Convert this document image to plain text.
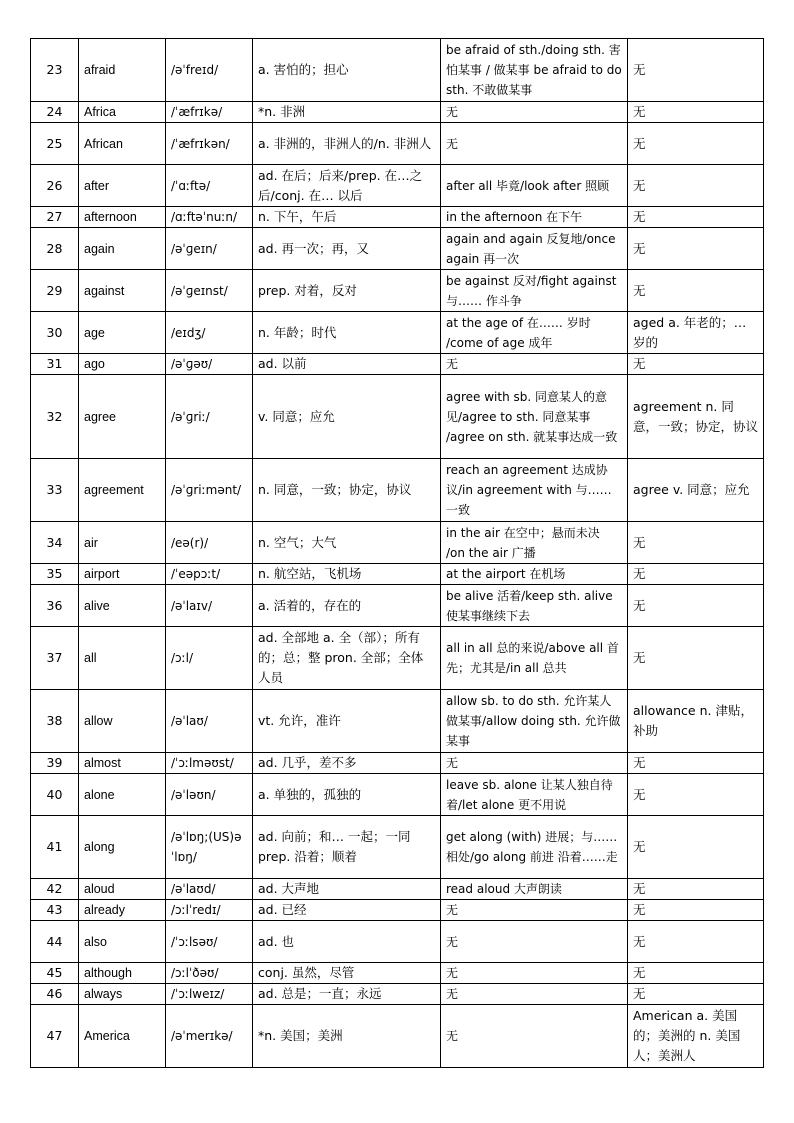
23	afraid	/əˈfreɪd/	a. 害怕的；担心	be afraid of sth./doing sth. 害怕某事 / 做某事 be afraid to do sth. 不敢做某事	无
24	Africa	/ˈæfrɪkə/	*n. 非洲	无	无
25	African	/ˈæfrɪkən/	a. 非洲的，非洲人的/n. 非洲人	无	无
26	after	/ˈɑːftə/	ad. 在后；后来/prep. 在…之后/conj. 在… 以后	after all 毕竟/look after 照顾	无
27	afternoon	/ɑːftəˈnuːn/	n. 下午，午后	in the afternoon 在下午	无
28	again	/əˈɡeɪn/	ad. 再一次；再，又	again and again 反复地/once again 再一次	无
29	against	/əˈɡeɪnst/	prep. 对着，反对	be against 反对/fight against 与…… 作斗争	无
30	age	/eɪdʒ/	n. 年龄；时代	at the age of 在…… 岁时 /come of age 成年	aged a. 年老的；…岁的
31	ago	/əˈɡəʊ/	ad. 以前	无	无
32	agree	/əˈɡriː/	v. 同意；应允	agree with sb. 同意某人的意见/agree to sth. 同意某事 /agree on sth. 就某事达成一致	agreement n. 同意，一致；协定，协议
33	agreement	/əˈɡriːmənt/	n. 同意，一致；协定，协议	reach an agreement 达成协议/in agreement with 与……一致	agree v. 同意；应允
34	air	/eə(r)/	n. 空气；大气	in the air 在空中；悬而未决 /on the air 广播	无
35	airport	/ˈeəpɔːt/	n. 航空站，飞机场	at the airport 在机场	无
36	alive	/əˈlaɪv/	a. 活着的，存在的	be alive 活着/keep sth. alive 使某事继续下去	无
37	all	/ɔːl/	ad. 全部地 a. 全（部）；所有的；总；整 pron. 全部；全体人员	all in all 总的来说/above all 首先；尤其是/in all 总共	无
38	allow	/əˈlaʊ/	vt. 允许，准许	allow sb. to do sth. 允许某人做某事/allow doing sth. 允许做某事	allowance n. 津贴，补助
39	almost	/ˈɔːlməʊst/	ad. 几乎，差不多	无	无
40	alone	/əˈləʊn/	a. 单独的，孤独的	leave sb. alone 让某人独自待着/let alone 更不用说	无
41	along	/əˈlɒŋ;(US)əˈlɒŋ/	ad. 向前；和… 一起；一同 prep. 沿着；顺着	get along (with) 进展；与……相处/go along 前进 沿着……走	无
42	aloud	/əˈlaʊd/	ad. 大声地	read aloud 大声朗读	无
43	already	/ɔːlˈredɪ/	ad. 已经	无	无
44	also	/ˈɔːlsəʊ/	ad. 也	无	无
45	although	/ɔːlˈðəʊ/	conj. 虽然，尽管	无	无
46	always	/ˈɔːlweɪz/	ad. 总是；一直；永远	无	无
47	America	/əˈmerɪkə/	*n. 美国；美洲	无	American a. 美国的；美洲的 n. 美国人；美洲人
